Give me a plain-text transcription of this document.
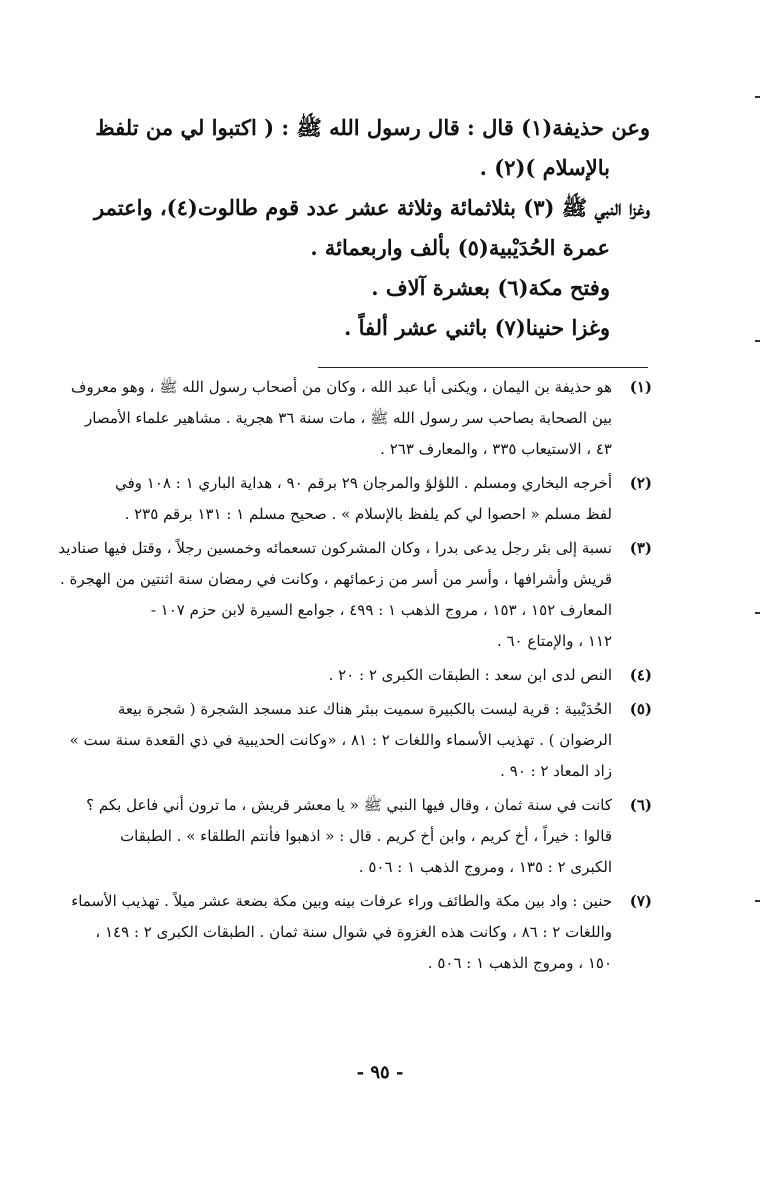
وعن حذيفة(١) قال : قال رسول الله ﷺ : ( اكتبوا لي من تلفظ
بالإسلام )(٢) .
وغزا النبي ﷺ (٣) بثلاثمائة وثلاثة عشر عدد قوم طالوت(٤)، واعتمر
عمرة الحُدَيْبية(٥) بألف واربعمائة .
وفتح مكة(٦) بعشرة آلاف .
وغزا حنينا(٧) باثني عشر ألفاً .
(١)
هو حذيفة بن اليمان ، ويكنى أبا عبد الله ، وكان من أصحاب رسول الله ﷺ ، وهو معروف
بين الصحابة بصاحب سر رسول الله ﷺ ، مات سنة ٣٦ هجرية . مشاهير علماء الأمصار
٤٣ ، الاستيعاب ٣٣٥ ، والمعارف ٢٦٣ .
(٢)
أخرجه البخاري ومسلم . اللؤلؤ والمرجان ٢٩ برقم ٩٠ ، هداية الباري ١ : ١٠٨ وفي
لفظ مسلم « احصوا لي كم يلفظ بالإسلام » . صحيح مسلم ١ : ١٣١ برقم ٢٣٥ .
(٣)
نسبة إلى بئر رجل يدعى بدرا ، وكان المشركون تسعمائه وخمسين رجلاً ، وقتل فيها صناديد
قريش وأشرافها ، وأسر من أسر من زعمائهم ، وكانت في رمضان سنة اثنتين من الهجرة .
المعارف ١٥٢ ، ١٥٣ ، مروج الذهب ١ : ٤٩٩ ، جوامع السيرة لابن حزم ١٠٧ -
١١٢ ، والإمتاع ٦٠ .
(٤)
النص لدى ابن سعد : الطبقات الكبرى ٢ : ٢٠ .
(٥)
الحُدَيْبية : قرية ليست بالكبيرة سميت ببئر هناك عند مسجد الشجرة ( شجرة بيعة
الرضوان ) . تهذيب الأسماء واللغات ٢ : ٨١ ، «وكانت الحديبية في ذي القعدة سنة ست »
زاد المعاد ٢ : ٩٠ .
(٦)
كانت في سنة ثمان ، وقال فيها النبي ﷺ « يا معشر قريش ، ما ترون أني فاعل بكم ؟
قالوا : خيراً ، أخ كريم ، وابن أخ كريم . قال : « اذهبوا فأنتم الطلقاء » . الطبقات
الكبرى ٢ : ١٣٥ ، ومروج الذهب ١ : ٥٠٦ .
(٧)
حنين : واد بين مكة والطائف وراء عرفات بينه وبين مكة بضعة عشر ميلاً . تهذيب الأسماء
واللغات ٢ : ٨٦ ، وكانت هذه الغزوة في شوال سنة ثمان . الطبقات الكبرى ٢ : ١٤٩ ،
١٥٠ ، ومروج الذهب ١ : ٥٠٦ .
- ٩٥ -
